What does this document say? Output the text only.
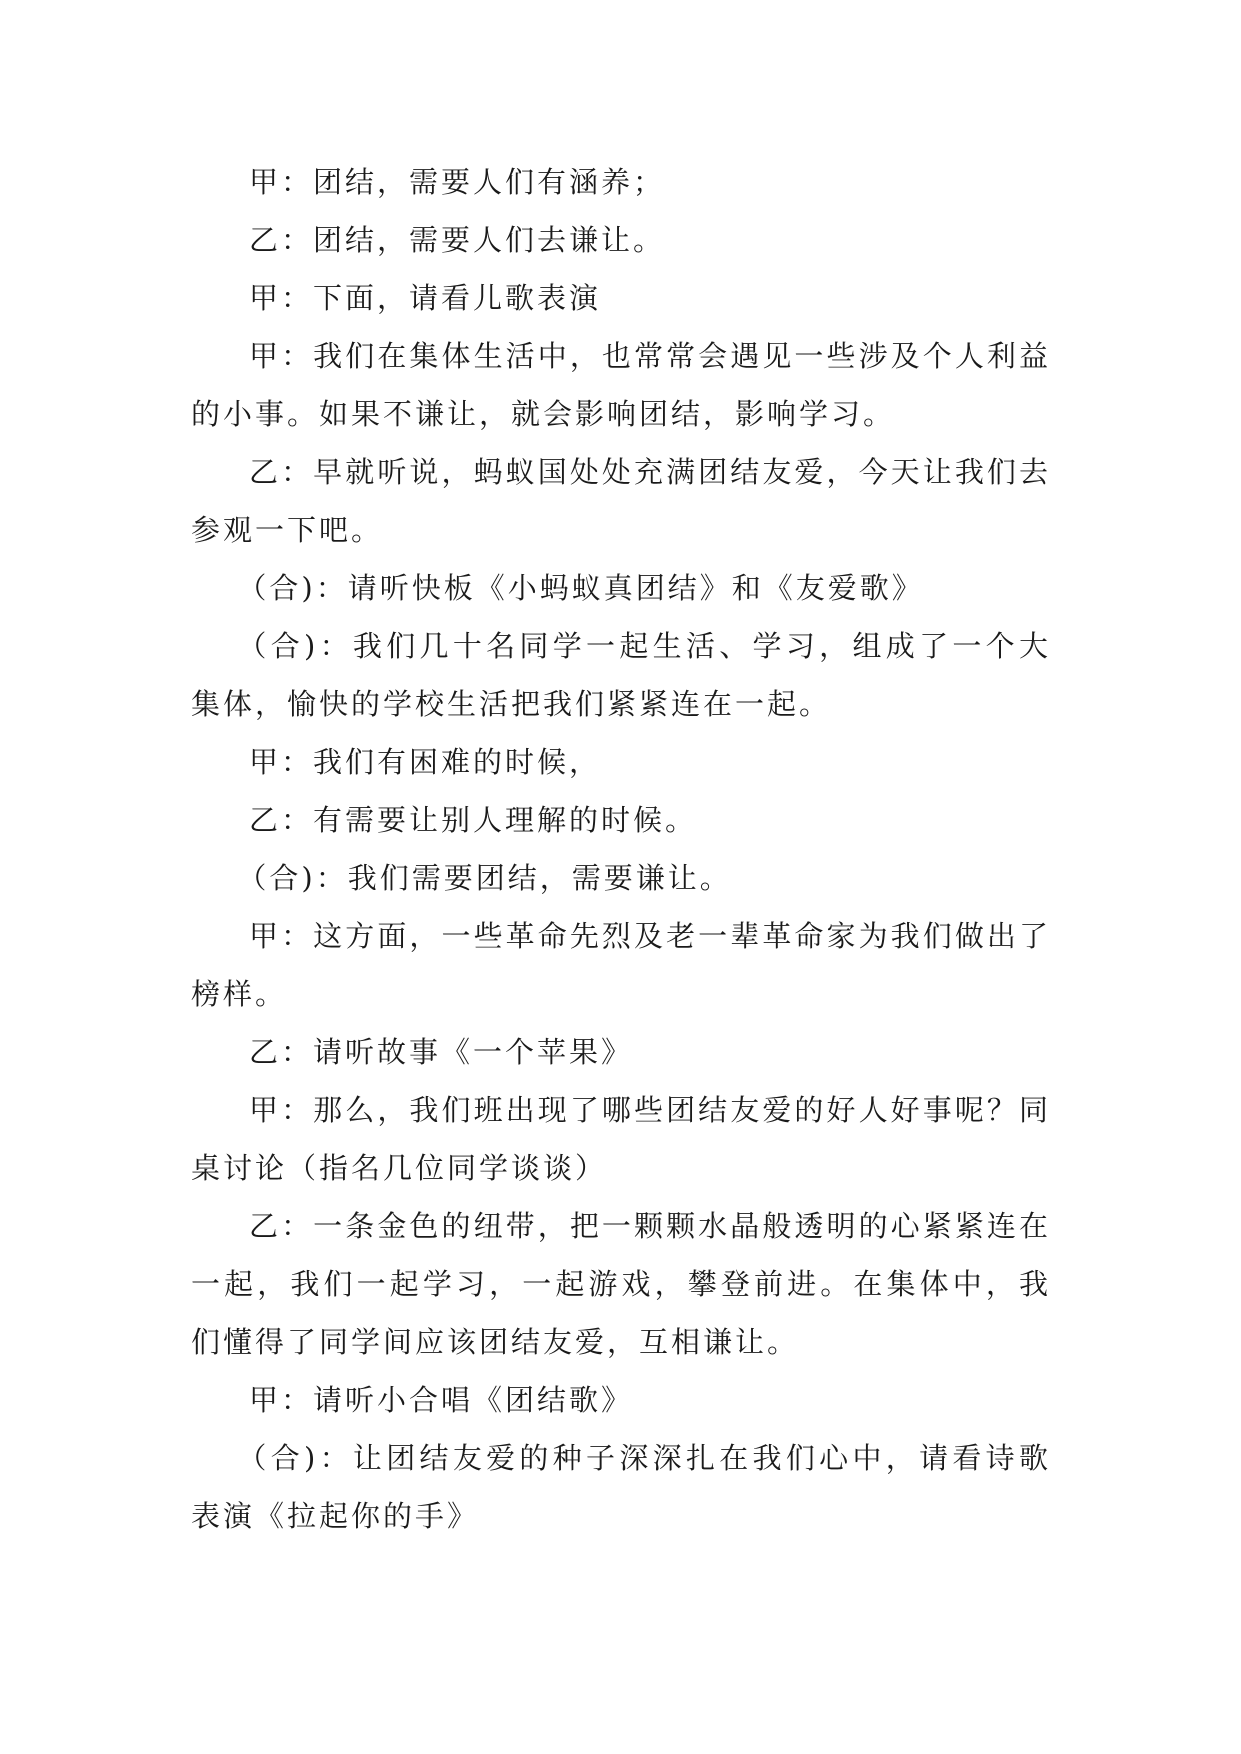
甲：团结，需要人们有涵养；

乙：团结，需要人们去谦让。

甲：下面，请看儿歌表演

甲：我们在集体生活中，也常常会遇见一些涉及个人利益的小事。如果不谦让，就会影响团结，影响学习。

乙：早就听说，蚂蚁国处处充满团结友爱，今天让我们去参观一下吧。

（合)：请听快板《小蚂蚁真团结》和《友爱歌》

（合)：我们几十名同学一起生活、学习，组成了一个大集体，愉快的学校生活把我们紧紧连在一起。

甲：我们有困难的时候，

乙：有需要让别人理解的时候。

（合)：我们需要团结，需要谦让。

甲：这方面，一些革命先烈及老一辈革命家为我们做出了榜样。

乙：请听故事《一个苹果》

甲：那么，我们班出现了哪些团结友爱的好人好事呢？同桌讨论（指名几位同学谈谈）

乙：一条金色的纽带，把一颗颗水晶般透明的心紧紧连在一起，我们一起学习，一起游戏，攀登前进。在集体中，我们懂得了同学间应该团结友爱，互相谦让。

甲：请听小合唱《团结歌》

（合)：让团结友爱的种子深深扎在我们心中，请看诗歌表演《拉起你的手》
